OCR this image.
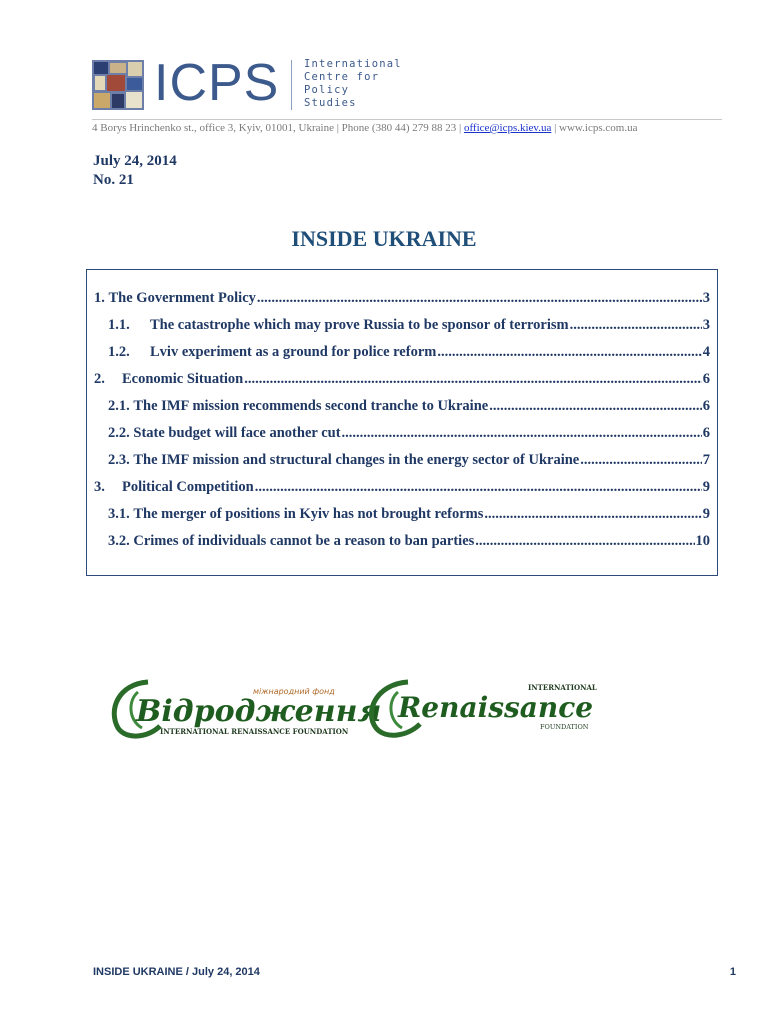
ICPS International
Centre for
Policy
Studies
4 Borys Hrinchenko st., office 3, Kyiv, 01001, Ukraine | Phone (380 44) 279 88 23 | office@icps.kiev.ua | www.icps.com.ua
July 24, 2014
No. 21
INSIDE UKRAINE
1. The Government Policy .....	3
1.1. The catastrophe which may prove Russia to be sponsor of terrorism .....	3
1.2. Lviv experiment as a ground for police reform .....	4
2. Economic Situation .....	6
2.1. The IMF mission recommends second tranche to Ukraine .....	6
2.2. State budget will face another cut .....	6
2.3. The IMF mission and structural changes in the energy sector of Ukraine .....	7
3. Political Competition .....	9
3.1. The merger of positions in Kyiv has not brought reforms .....	9
3.2. Crimes of individuals cannot be a reason to ban parties .....	10
міжнародний фонд
Відродження
INTERNATIONAL RENAISSANCE FOUNDATION
INTERNATIONAL
Renaissance
FOUNDATION
INSIDE UKRAINE / July 24, 2014	1
